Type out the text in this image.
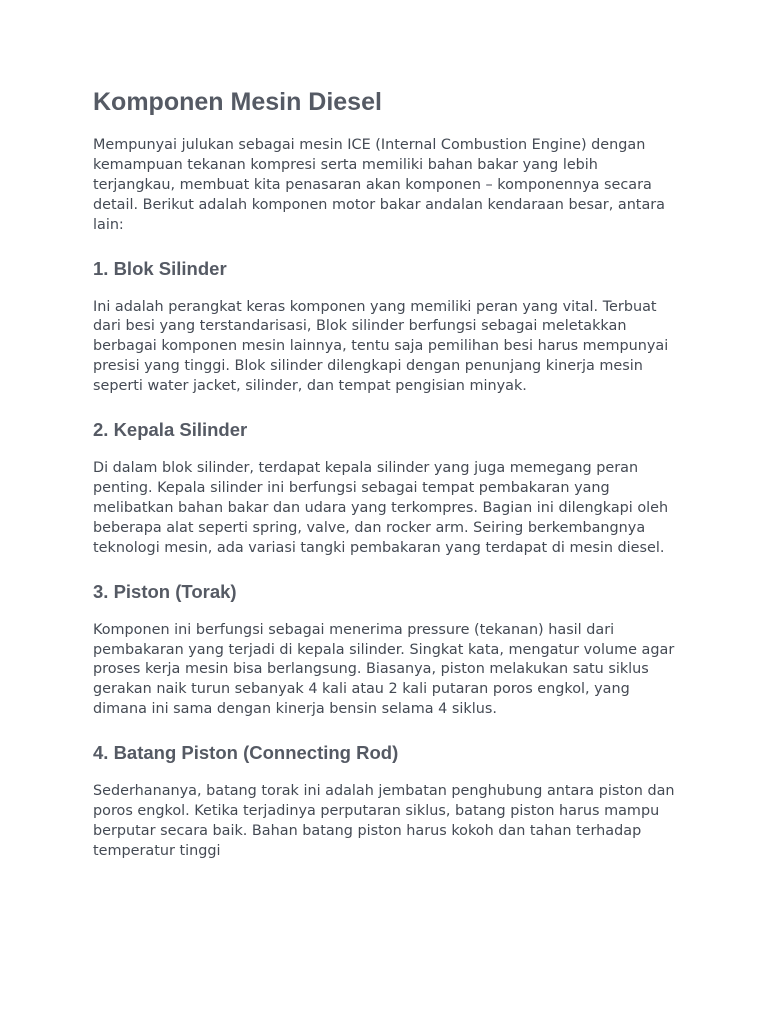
Komponen Mesin Diesel

Mempunyai julukan sebagai mesin ICE (Internal Combustion Engine) dengan kemampuan tekanan kompresi serta memiliki bahan bakar yang lebih terjangkau, membuat kita penasaran akan komponen – komponennya secara detail. Berikut adalah komponen motor bakar andalan kendaraan besar, antara lain:

1. Blok Silinder

Ini adalah perangkat keras komponen yang memiliki peran yang vital. Terbuat dari besi yang terstandarisasi, Blok silinder berfungsi sebagai meletakkan berbagai komponen mesin lainnya, tentu saja pemilihan besi harus mempunyai presisi yang tinggi. Blok silinder dilengkapi dengan penunjang kinerja mesin seperti water jacket, silinder, dan tempat pengisian minyak.

2. Kepala Silinder

Di dalam blok silinder, terdapat kepala silinder yang juga memegang peran penting. Kepala silinder ini berfungsi sebagai tempat pembakaran yang melibatkan bahan bakar dan udara yang terkompres. Bagian ini dilengkapi oleh beberapa alat seperti spring, valve, dan rocker arm. Seiring berkembangnya teknologi mesin, ada variasi tangki pembakaran yang terdapat di mesin diesel.

3. Piston (Torak)

Komponen ini berfungsi sebagai menerima pressure (tekanan) hasil dari pembakaran yang terjadi di kepala silinder. Singkat kata, mengatur volume agar proses kerja mesin bisa berlangsung. Biasanya, piston melakukan satu siklus gerakan naik turun sebanyak 4 kali atau 2 kali putaran poros engkol, yang dimana ini sama dengan kinerja bensin selama 4 siklus.

4. Batang Piston (Connecting Rod)

Sederhananya, batang torak ini adalah jembatan penghubung antara piston dan poros engkol. Ketika terjadinya perputaran siklus, batang piston harus mampu berputar secara baik. Bahan batang piston harus kokoh dan tahan terhadap temperatur tinggi
